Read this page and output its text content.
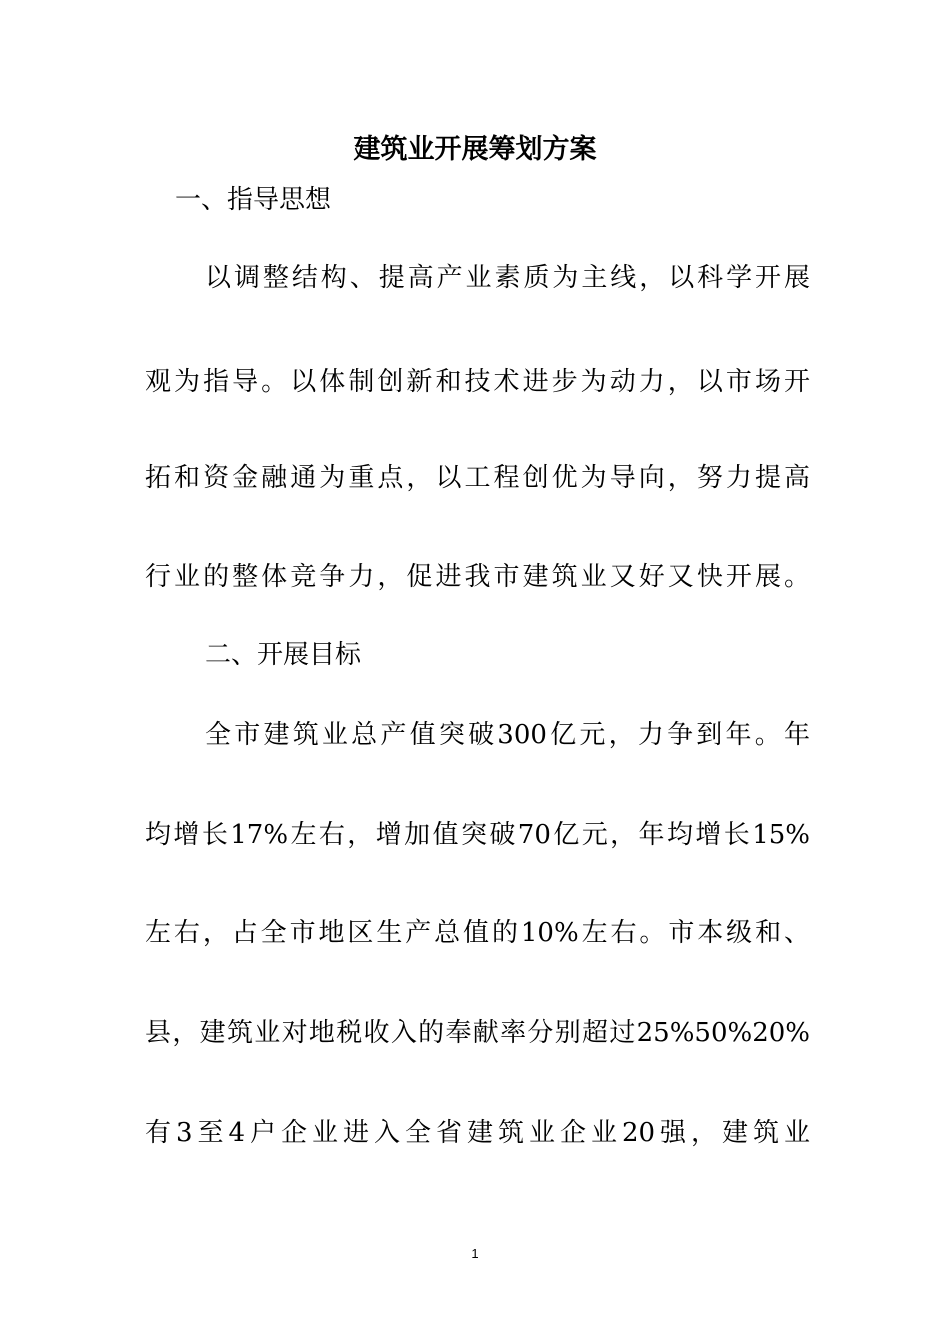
建筑业开展筹划方案
一、指导思想
以调整结构、提高产业素质为主线，以科学开展
观为指导。以体制创新和技术进步为动力，以市场开
拓和资金融通为重点，以工程创优为导向，努力提高
行业的整体竞争力，促进我市建筑业又好又快开展。
二、开展目标
全市建筑业总产值突破300亿元，力争到年。年
均增长17%左右，增加值突破70亿元，年均增长15%
左右，占全市地区生产总值的10%左右。市本级和、
县，建筑业对地税收入的奉献率分别超过25%50%20%
有3至4户企业进入全省建筑业企业20强，建筑业
1
